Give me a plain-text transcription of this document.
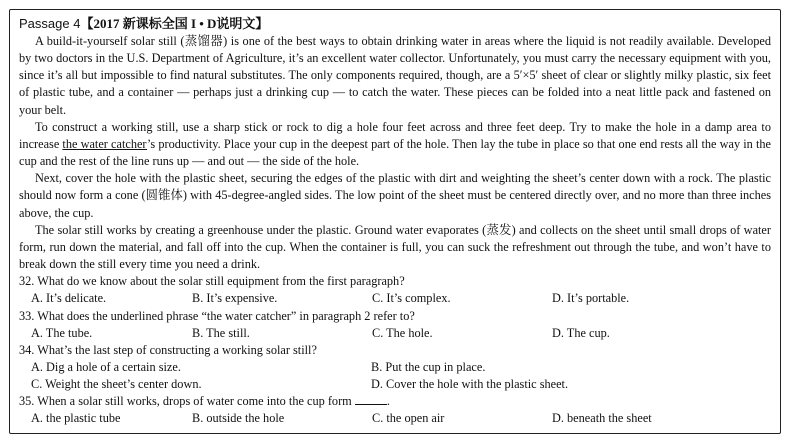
Passage 4【2017 新课标全国 I • D说明文】

A build-it-yourself solar still (蒸馏器) is one of the best ways to obtain drinking water in areas where the liquid is not readily available. Developed by two doctors in the U.S. Department of Agriculture, it’s an excellent water collector. Unfortunately, you must carry the necessary equipment with you, since it’s all but impossible to find natural substitutes. The only components required, though, are a 5′×5′ sheet of clear or slightly milky plastic, six feet of plastic tube, and a container — perhaps just a drinking cup — to catch the water. These pieces can be folded into a neat little pack and fastened on your belt.

To construct a working still, use a sharp stick or rock to dig a hole four feet across and three feet deep. Try to make the hole in a damp area to increase the water catcher’s productivity. Place your cup in the deepest part of the hole. Then lay the tube in place so that one end rests all the way in the cup and the rest of the line runs up — and out — the side of the hole.

Next, cover the hole with the plastic sheet, securing the edges of the plastic with dirt and weighting the sheet’s center down with a rock. The plastic should now form a cone (圆锥体) with 45-degree-angled sides. The low point of the sheet must be centered directly over, and no more than three inches above, the cup.

The solar still works by creating a greenhouse under the plastic. Ground water evaporates (蒸发) and collects on the sheet until small drops of water form, run down the material, and fall off into the cup. When the container is full, you can suck the refreshment out through the tube, and won’t have to break down the still every time you need a drink.

32. What do we know about the solar still equipment from the first paragraph?

A. It’s delicate.	B. It’s expensive.	C. It’s complex.	D. It’s portable.

33. What does the underlined phrase “the water catcher” in paragraph 2 refer to?

A. The tube.	B. The still.	C. The hole.	D. The cup.

34. What’s the last step of constructing a working solar still?

A. Dig a hole of a certain size.	B. Put the cup in place.
C. Weight the sheet’s center down.	D. Cover the hole with the plastic sheet.

35. When a solar still works, drops of water come into the cup form	.

A. the plastic tube	B. outside the hole	C. the open air	D. beneath the sheet
